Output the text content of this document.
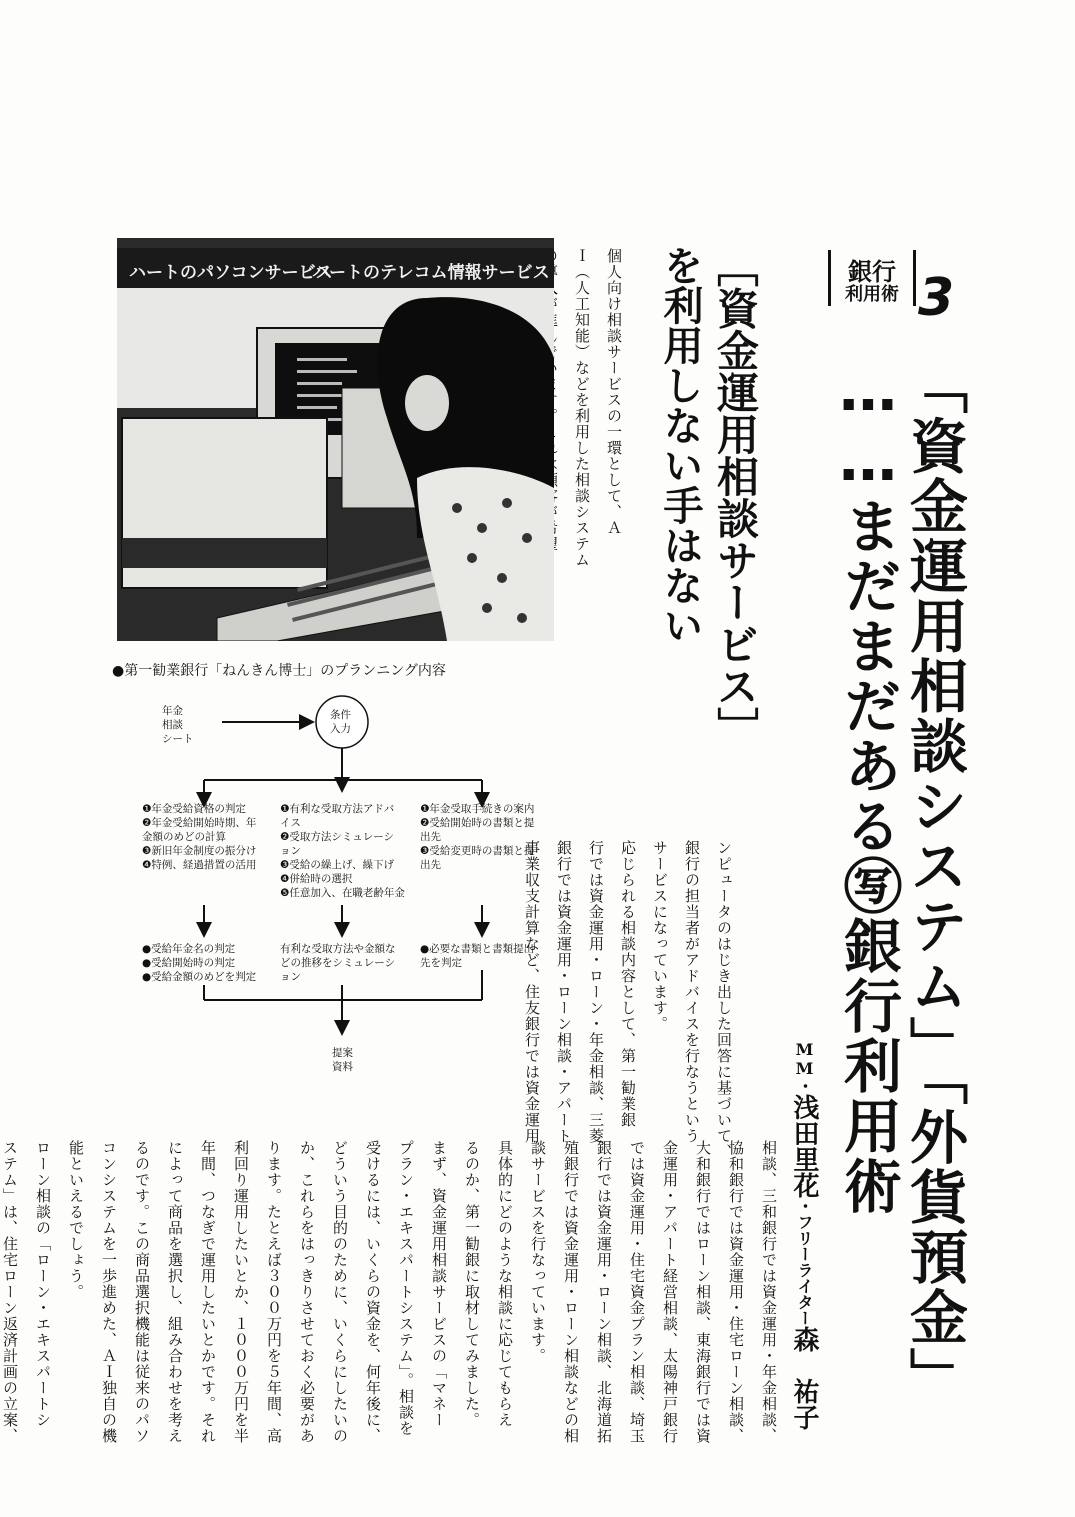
銀行
利用術 3
「資金運用相談システム」「外貨預金」
……まだまだある㊢銀行利用術
MM・浅田里花・フリーライター森　祐子
［資金運用相談サービス］
を利用しない手はない
個人向け相談サービスの一環として、Ａ
Ｉ（人工知能）などを利用した相談システム
ンピュータのはじき出した回答に基づいて、
銀行の担当者がアドバイスを行なうという
サービスになっています。
応じられる相談内容として、第一勧業銀
行では資金運用・ローン・年金相談、三菱
銀行では資金運用・ローン相談・アパート
事業収支計算など、住友銀行では資金運用
相談、三和銀行では資金運用・年金相談、
協和銀行では資金運用・住宅ローン相談、
大和銀行ではローン相談、東海銀行では資
金運用・アパート経営相談、太陽神戸銀行
では資金運用・住宅資金プラン相談、埼玉
銀行では資金運用・ローン相談、北海道拓
殖銀行では資金運用・ローン相談などの相
談サービスを行なっています。
具体的にどのような相談に応じてもらえ
るのか、第一勧銀に取材してみました。
まず、資金運用相談サービスの「マネー
プラン・エキスパートシステム」。相談を
受けるには、いくらの資金を、何年後に、
どういう目的のために、いくらにしたいの
か、これらをはっきりさせておく必要があ
ります。たとえば３００万円を５年間、高
利回り運用したいとか、１０００万円を半
年間、つなぎで運用したいとかです。それ
によって商品を選択し、組み合わせを考え
るのです。この商品選択機能は従来のパソ
コンシステムを一歩進めた、ＡＩ独自の機
能といえるでしょう。
ローン相談の「ローン・エキスパートシ
ステム」は、住宅ローン返済計画の立案、
ハートのパソコンサービス
ハートのテレコム情報サービス
●第一勧業銀行「ねんきん博士」のプランニング内容
年金
相談
シート
条件
入力
❶年金受給資格の判定
❷年金受給開始時期、年
金額のめどの計算
❸新旧年金制度の振分け
❹特例、経過措置の活用
❶有利な受取方法アドバ
イス
❷受取方法シミュレーシ
ョン
❸受給の繰上げ、繰下げ
❹併給時の選択
❺任意加入、在職老齢年金
❶年金受取手続きの案内
❷受給開始時の書類と提
出先
❸受給変更時の書類と提
出先
●受給年金名の判定
●受給開始時の判定
●受給金額のめどを判定
有利な受取方法や金額な
どの推移をシミュレーシ
ョン
●必要な書類と書類提出
先を判定
提案
資料
